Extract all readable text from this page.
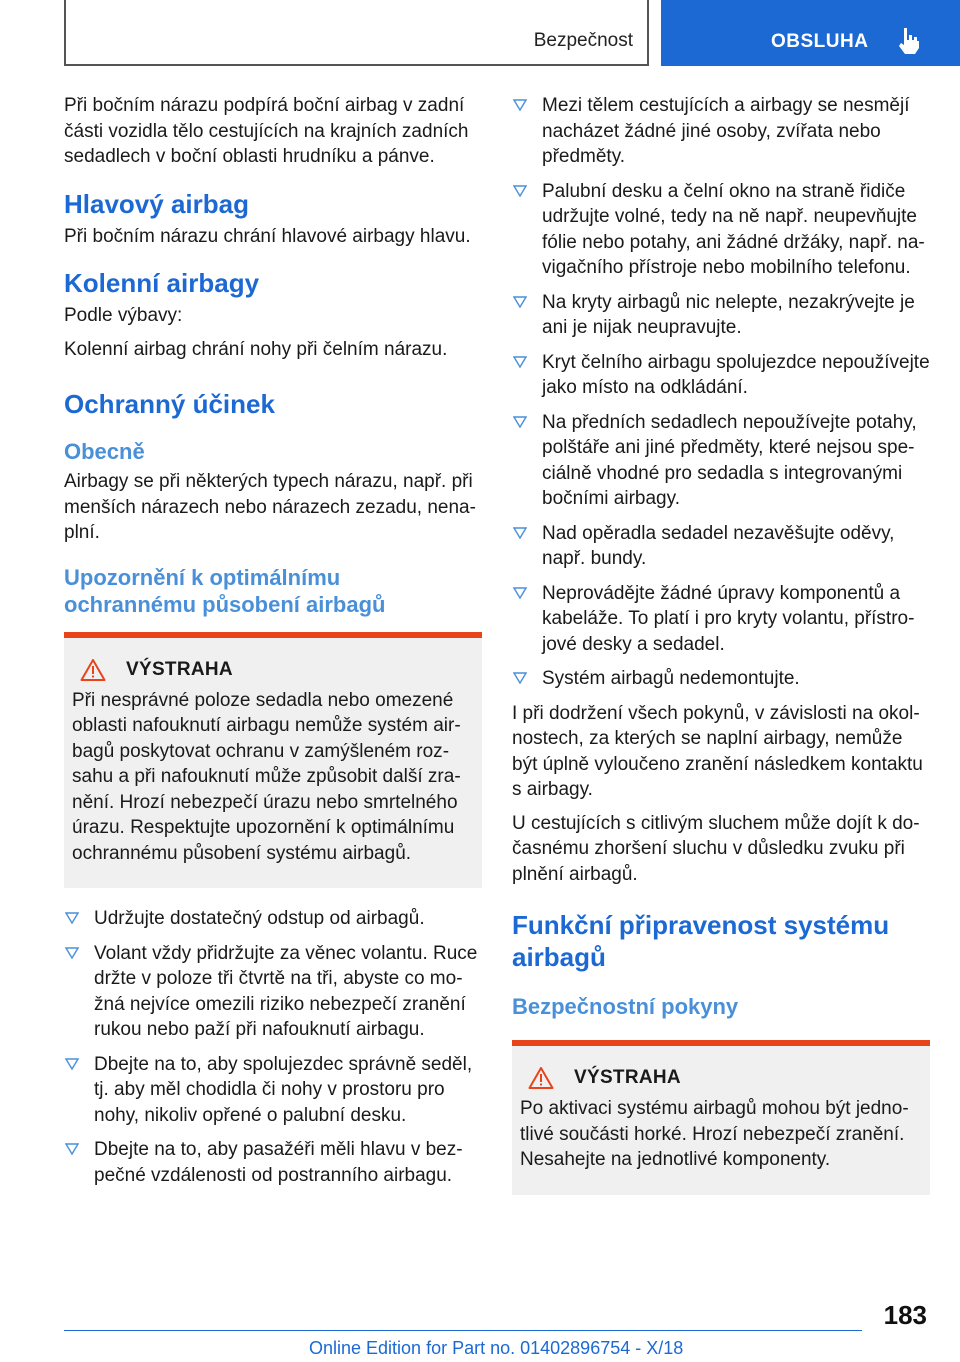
Bezpečnost	OBSLUHA

Při bočním nárazu podpírá boční airbag v zadní části vozidla tělo cestujících na krajních zadních sedadlech v boční oblasti hrudníku a pánve.

Hlavový airbag

Při bočním nárazu chrání hlavové airbagy hlavu.

Kolenní airbagy

Podle výbavy:

Kolenní airbag chrání nohy při čelním nárazu.

Ochranný účinek
Obecně

Airbagy se při některých typech nárazu, např. při menších nárazech nebo nárazech zezadu, nenaplní.

Upozornění k optimálnímu
ochrannému působení airbagů
VÝSTRAHA

Při nesprávné poloze sedadla nebo omezené oblasti nafouknutí airbagu nemůže systém airbagů poskytovat ochranu v zamýšleném rozsahu a při nafouknutí může způsobit další zranění. Hrozí nebezpečí úrazu nebo smrtelného úrazu. Respektujte upozornění k optimálnímu ochrannému působení systému airbagů.

Udržujte dostatečný odstup od airbagů.
Volant vždy přidržujte za věnec volantu. Ruce držte v poloze tři čtvrtě na tři, abyste co možná nejvíce omezili riziko nebezpečí zranění rukou nebo paží při nafouknutí airbagu.
Dbejte na to, aby spolujezdec správně seděl, tj. aby měl chodidla či nohy v prostoru pro nohy, nikoliv opřené o palubní desku.
Dbejte na to, aby pasažéři měli hlavu v bezpečné vzdálenosti od postranního airbagu.
Mezi tělem cestujících a airbagy se nesmějí nacházet žádné jiné osoby, zvířata nebo předměty.
Palubní desku a čelní okno na straně řidiče udržujte volné, tedy na ně např. neupevňujte fólie nebo potahy, ani žádné držáky, např. navigačního přístroje nebo mobilního telefonu.
Na kryty airbagů nic nelepte, nezakrývejte je ani je nijak neupravujte.
Kryt čelního airbagu spolujezdce nepoužívejte jako místo na odkládání.
Na předních sedadlech nepoužívejte potahy, polštáře ani jiné předměty, které nejsou speciálně vhodné pro sedadla s integrovanými bočními airbagy.
Nad opěradla sedadel nezavěšujte oděvy, např. bundy.
Neprovádějte žádné úpravy komponentů a kabeláže. To platí i pro kryty volantu, přístrojové desky a sedadel.
Systém airbagů nedemontujte.

I při dodržení všech pokynů, v závislosti na okolnostech, za kterých se naplní airbagy, nemůže být úplně vyloučeno zranění následkem kontaktu s airbagy.

U cestujících s citlivým sluchem může dojít k dočasnému zhoršení sluchu v důsledku zvuku při plnění airbagů.

Funkční připravenost systému
airbagů
Bezpečnostní pokyny
VÝSTRAHA

Po aktivaci systému airbagů mohou být jednotlivé součásti horké. Hrozí nebezpečí zranění. Nesahejte na jednotlivé komponenty.

183
Online Edition for Part no. 01402896754 - X/18
